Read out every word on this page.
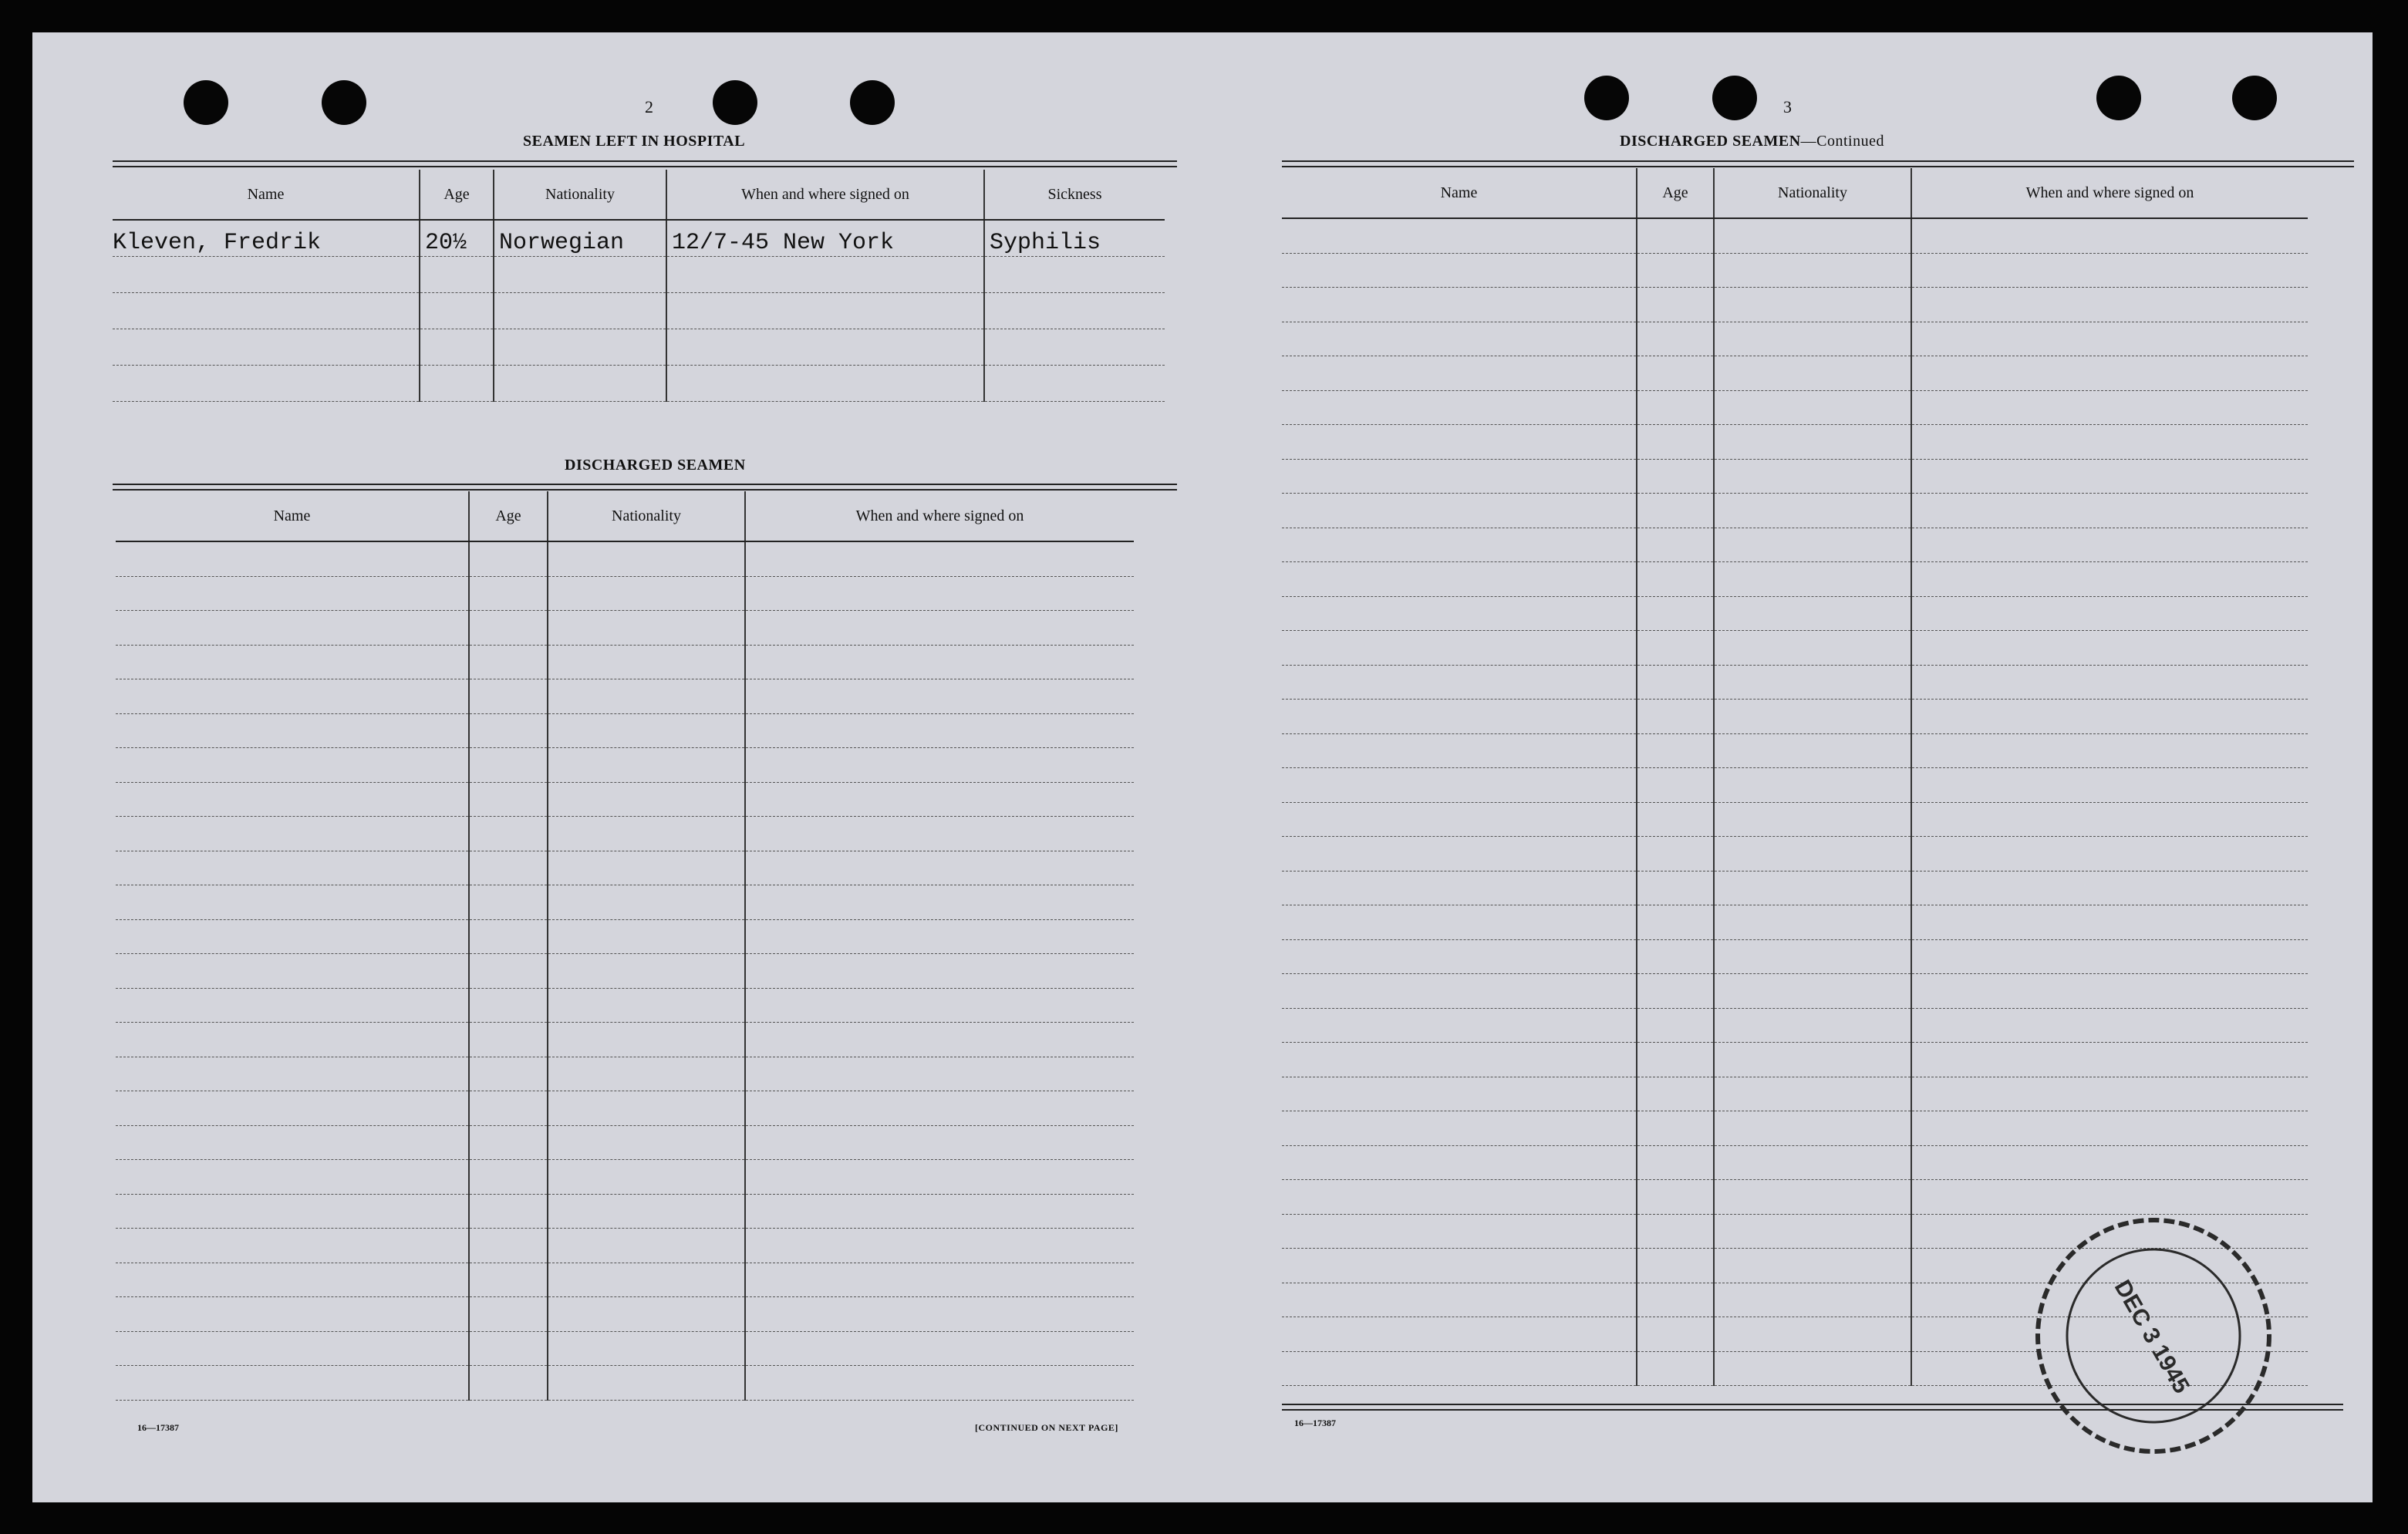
2
SEAMEN LEFT IN HOSPITAL
Name	Age	Nationality	When and where signed on	Sickness
Kleven, Fredrik	20½	Norwegian	12/7-45 New York	Syphilis

DISCHARGED SEAMEN
Name	Age	Nationality	When and where signed on

16—17387	[CONTINUED ON NEXT PAGE]
3
DISCHARGED SEAMEN—Continued
Name	Age	Nationality	When and where signed on

16—17387
DEC 3 1945
